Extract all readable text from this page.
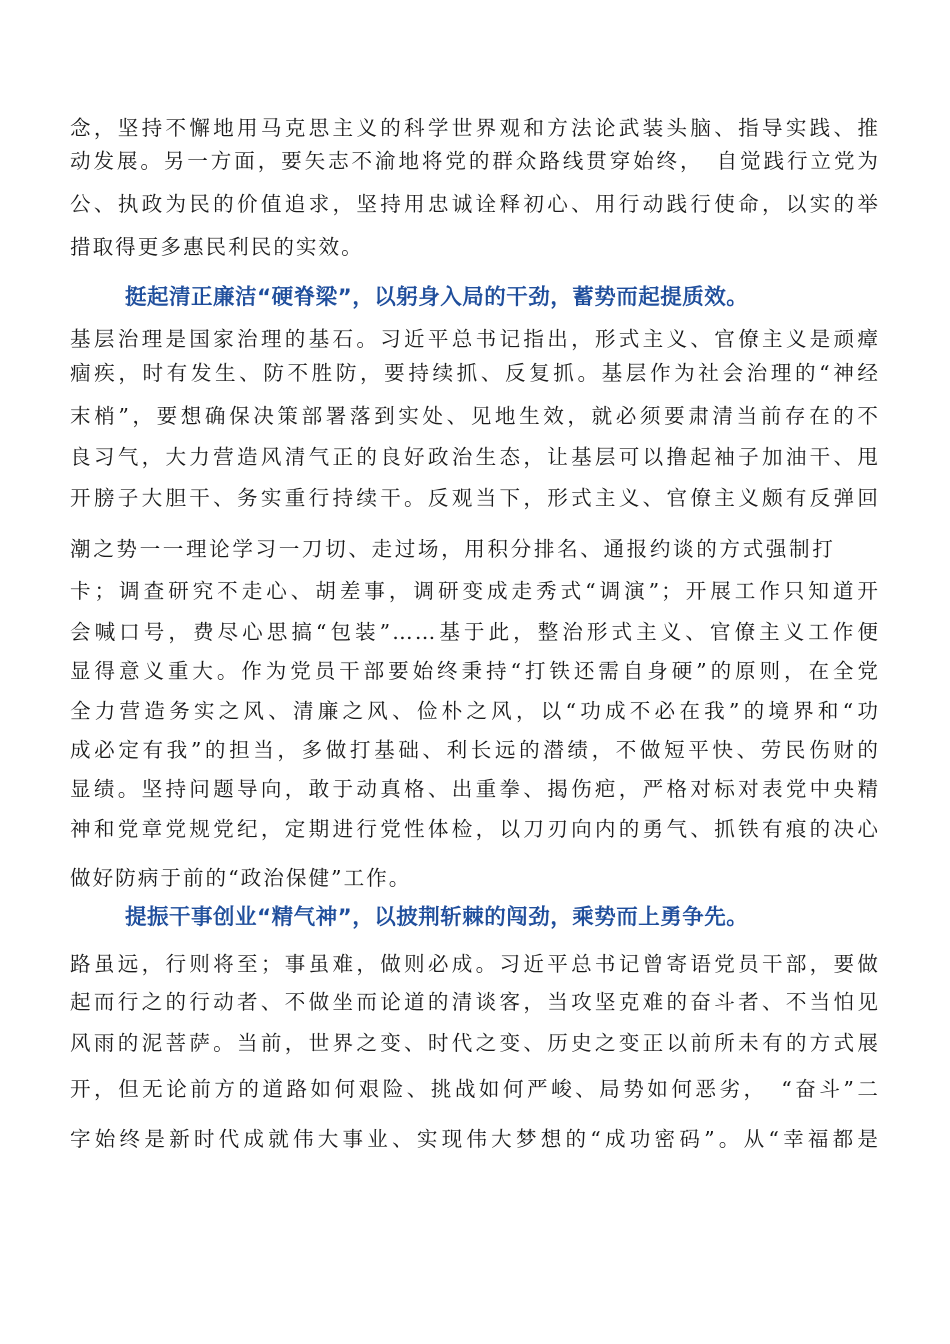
念，坚持不懈地用马克思主义的科学世界观和方法论武装头脑、指导实践、推
动发展。另一方面，要矢志不渝地将党的群众路线贯穿始终，　自觉践行立党为
公、执政为民的价值追求，坚持用忠诚诠释初心、用行动践行使命，以实的举
措取得更多惠民利民的实效。
挺起清正廉洁“硬脊梁”，以躬身入局的干劲，蓄势而起提质效。
基层治理是国家治理的基石。习近平总书记指出，形式主义、官僚主义是顽瘴
痼疾，时有发生、防不胜防，要持续抓、反复抓。基层作为社会治理的“神经
末梢”，要想确保决策部署落到实处、见地生效，就必须要肃清当前存在的不
良习气，大力营造风清气正的良好政治生态，让基层可以撸起袖子加油干、甩
开膀子大胆干、务实重行持续干。反观当下，形式主义、官僚主义颇有反弹回
潮之势一一理论学习一刀切、走过场，用积分排名、通报约谈的方式强制打
卡；调查研究不走心、胡差事，调研变成走秀式“调演”；开展工作只知道开
会喊口号，费尽心思搞“包装”……基于此，整治形式主义、官僚主义工作便
显得意义重大。作为党员干部要始终秉持“打铁还需自身硬”的原则，在全党
全力营造务实之风、清廉之风、俭朴之风，以“功成不必在我”的境界和“功
成必定有我”的担当，多做打基础、利长远的潜绩，不做短平快、劳民伤财的
显绩。坚持问题导向，敢于动真格、出重拳、揭伤疤，严格对标对表党中央精
神和党章党规党纪，定期进行党性体检，以刀刃向内的勇气、抓铁有痕的决心
做好防病于前的“政治保健”工作。
提振干事创业“精气神”，以披荆斩棘的闯劲，乘势而上勇争先。
路虽远，行则将至；事虽难，做则必成。习近平总书记曾寄语党员干部，要做
起而行之的行动者、不做坐而论道的清谈客，当攻坚克难的奋斗者、不当怕见
风雨的泥菩萨。当前，世界之变、时代之变、历史之变正以前所未有的方式展
开，但无论前方的道路如何艰险、挑战如何严峻、局势如何恶劣，　“奋斗”二
字始终是新时代成就伟大事业、实现伟大梦想的“成功密码”。从“幸福都是
